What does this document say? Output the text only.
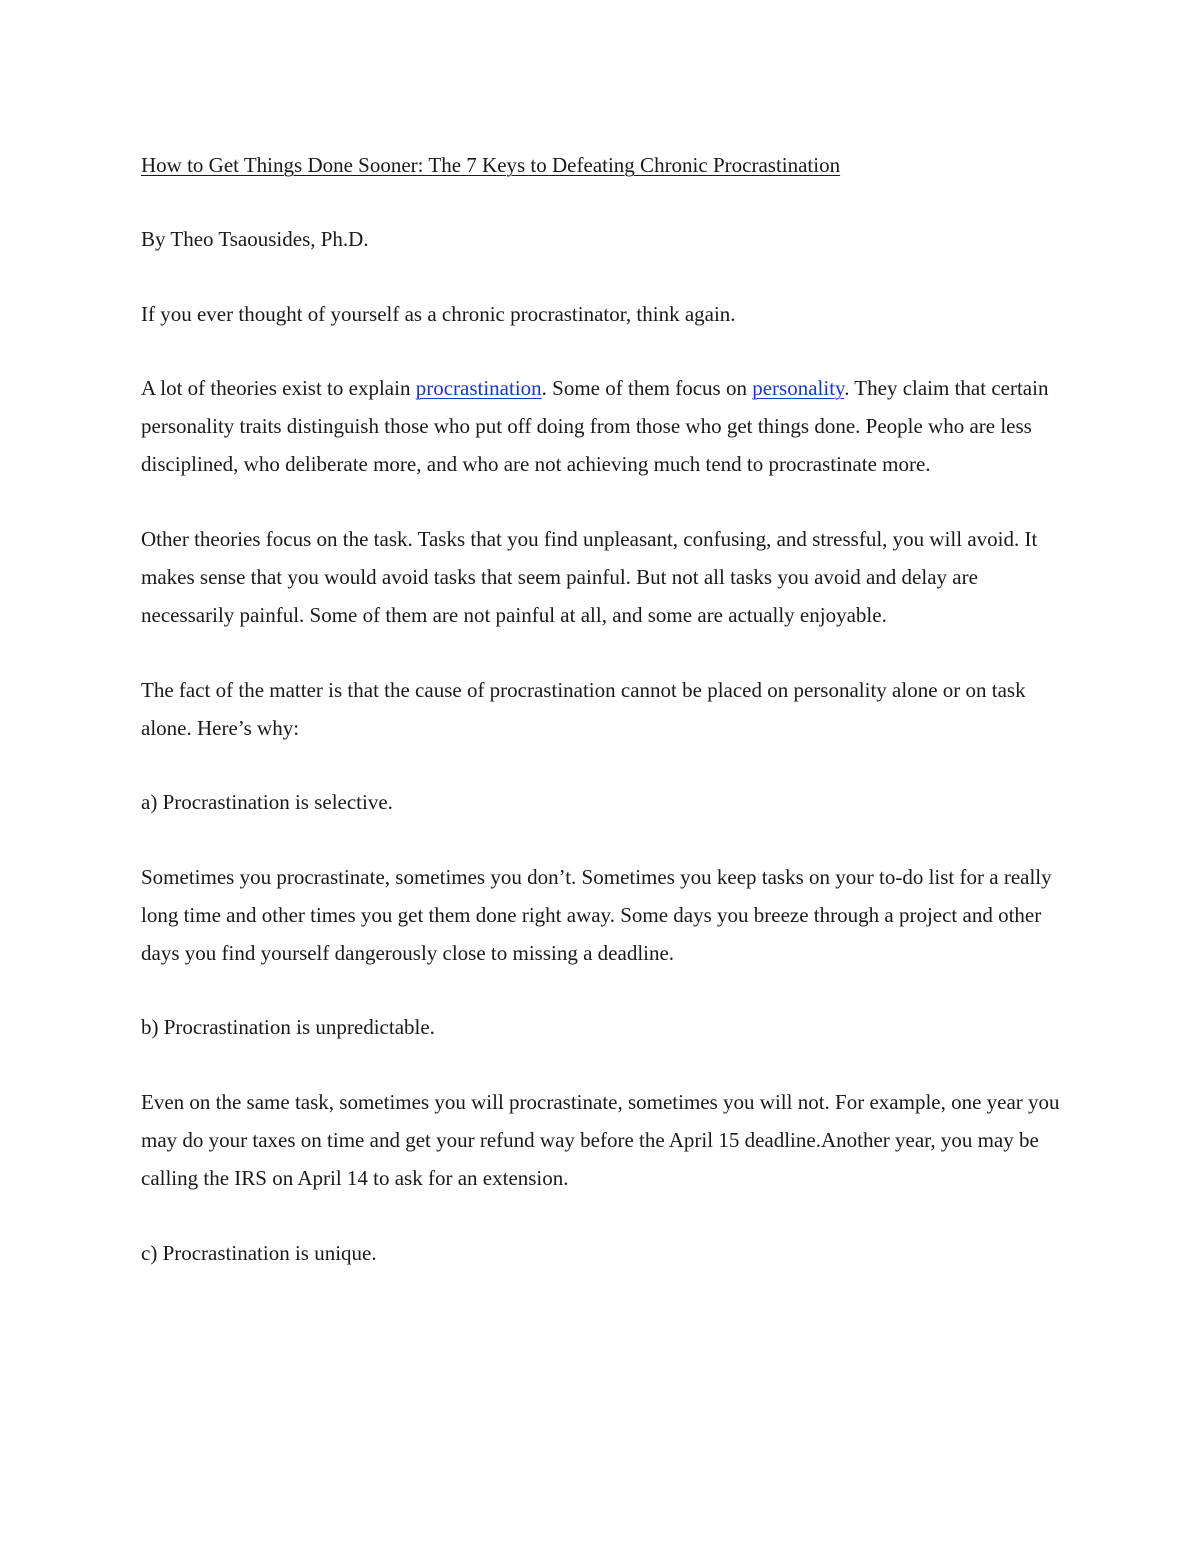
How to Get Things Done Sooner: The 7 Keys to Defeating Chronic Procrastination

By Theo Tsaousides, Ph.D.

If you ever thought of yourself as a chronic procrastinator, think again.

A lot of theories exist to explain procrastination. Some of them focus on personality. They claim that certain personality traits distinguish those who put off doing from those who get things done. People who are less disciplined, who deliberate more, and who are not achieving much tend to procrastinate more.

Other theories focus on the task. Tasks that you find unpleasant, confusing, and stressful, you will avoid. It makes sense that you would avoid tasks that seem painful. But not all tasks you avoid and delay are necessarily painful. Some of them are not painful at all, and some are actually enjoyable.

The fact of the matter is that the cause of procrastination cannot be placed on personality alone or on task alone. Here’s why:

a) Procrastination is selective.

Sometimes you procrastinate, sometimes you don’t. Sometimes you keep tasks on your to-do list for a really long time and other times you get them done right away. Some days you breeze through a project and other days you find yourself dangerously close to missing a deadline.

b) Procrastination is unpredictable.

Even on the same task, sometimes you will procrastinate, sometimes you will not. For example, one year you may do your taxes on time and get your refund way before the April 15 deadline.Another year, you may be calling the IRS on April 14 to ask for an extension.

c) Procrastination is unique.
